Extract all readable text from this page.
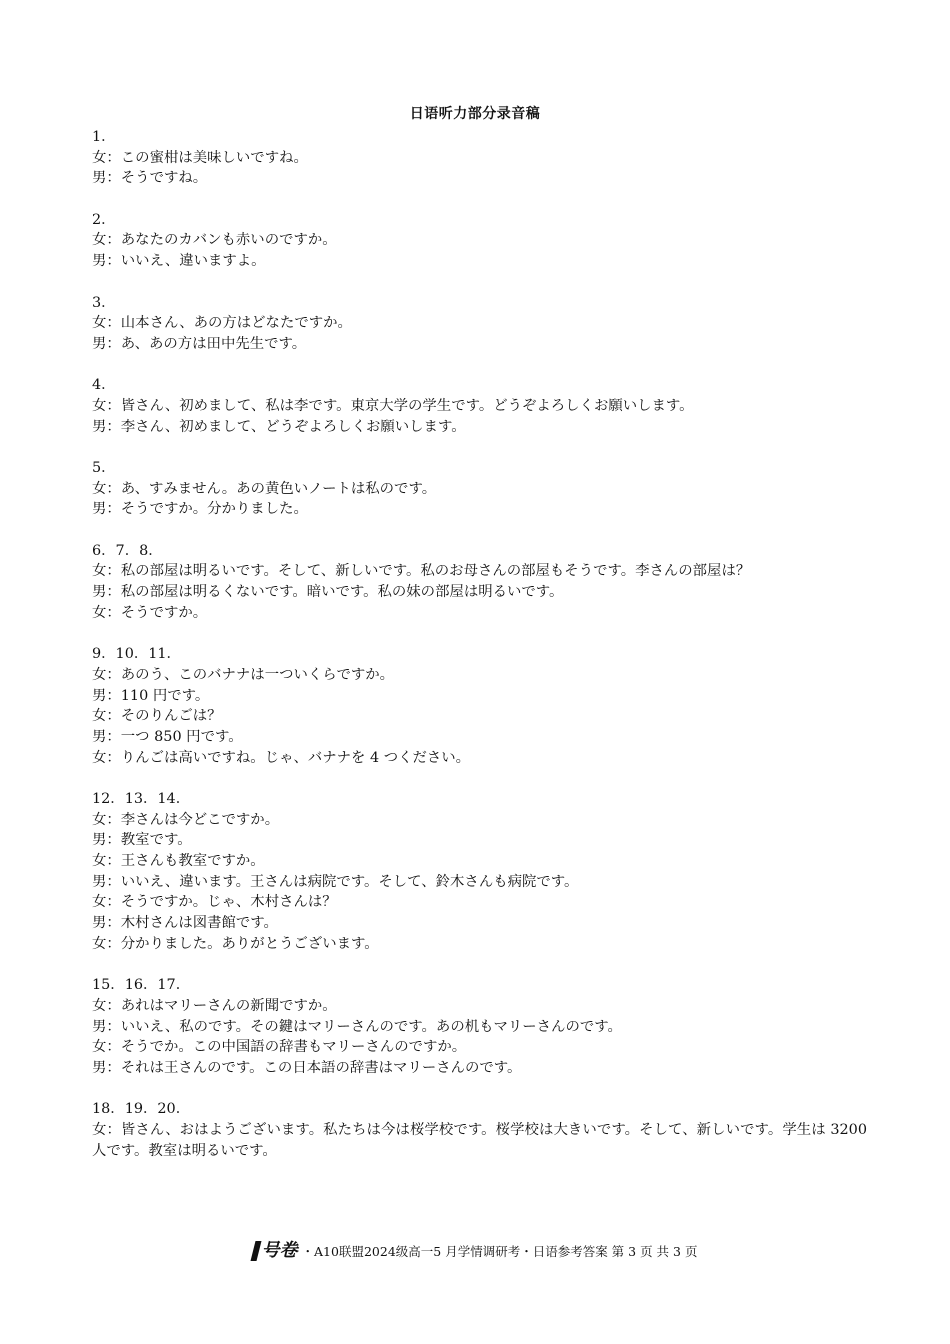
日语听力部分录音稿
1．
女：この蜜柑は美味しいですね。
男：そうですね。
2．
女：あなたのカバンも赤いのですか。
男：いいえ、違いますよ。
3．
女：山本さん、あの方はどなたですか。
男：あ、あの方は田中先生です。
4．
女：皆さん、初めまして、私は李です。東京大学の学生です。どうぞよろしくお願いします。
男：李さん、初めまして、どうぞよろしくお願いします。
5．
女：あ、すみません。あの黄色いノートは私のです。
男：そうですか。分かりました。
6．7．8．
女：私の部屋は明るいです。そして、新しいです。私のお母さんの部屋もそうです。李さんの部屋は？
男：私の部屋は明るくないです。暗いです。私の妹の部屋は明るいです。
女：そうですか。
9．10．11．
女：あのう、このバナナは一ついくらですか。
男：110 円です。
女：そのりんごは？
男：一つ 850 円です。
女：りんごは高いですね。じゃ、バナナを 4 つください。
12．13．14．
女：李さんは今どこですか。
男：教室です。
女：王さんも教室ですか。
男：いいえ、違います。王さんは病院です。そして、鈴木さんも病院です。
女：そうですか。じゃ、木村さんは？
男：木村さんは図書館です。
女：分かりました。ありがとうございます。
15．16．17．
女：あれはマリーさんの新聞ですか。
男：いいえ、私のです。その鍵はマリーさんのです。あの机もマリーさんのです。
女：そうでか。この中国語の辞書もマリーさんのですか。
男：それは王さんのです。この日本語の辞書はマリーさんのです。
18．19．20．
女：皆さん、おはようございます。私たちは今は桜学校です。桜学校は大きいです。そして、新しいです。学生は 3200 人です。教室は明るいです。
号卷 ・A10联盟2024级高一5 月学情调研考・日语参考答案 第 3 页 共 3 页
